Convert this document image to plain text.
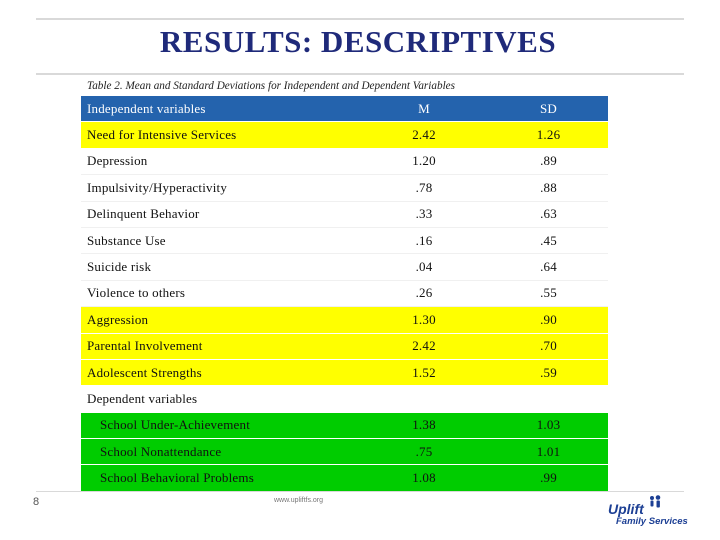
RESULTS: DESCRIPTIVES
Table 2. Mean and Standard Deviations for Independent and Dependent Variables
Independent variables	M	SD
Need for Intensive Services	2.42	1.26
Depression	1.20	.89
Impulsivity/Hyperactivity	.78	.88
Delinquent Behavior	.33	.63
Substance Use	.16	.45
Suicide risk	.04	.64
Violence to others	.26	.55
Aggression	1.30	.90
Parental Involvement	2.42	.70
Adolescent Strengths	1.52	.59
Dependent variables		
School Under-Achievement	1.38	1.03
School Nonattendance	.75	1.01
School Behavioral Problems	1.08	.99
8	www.upliftfs.org
Uplift
Family Services
